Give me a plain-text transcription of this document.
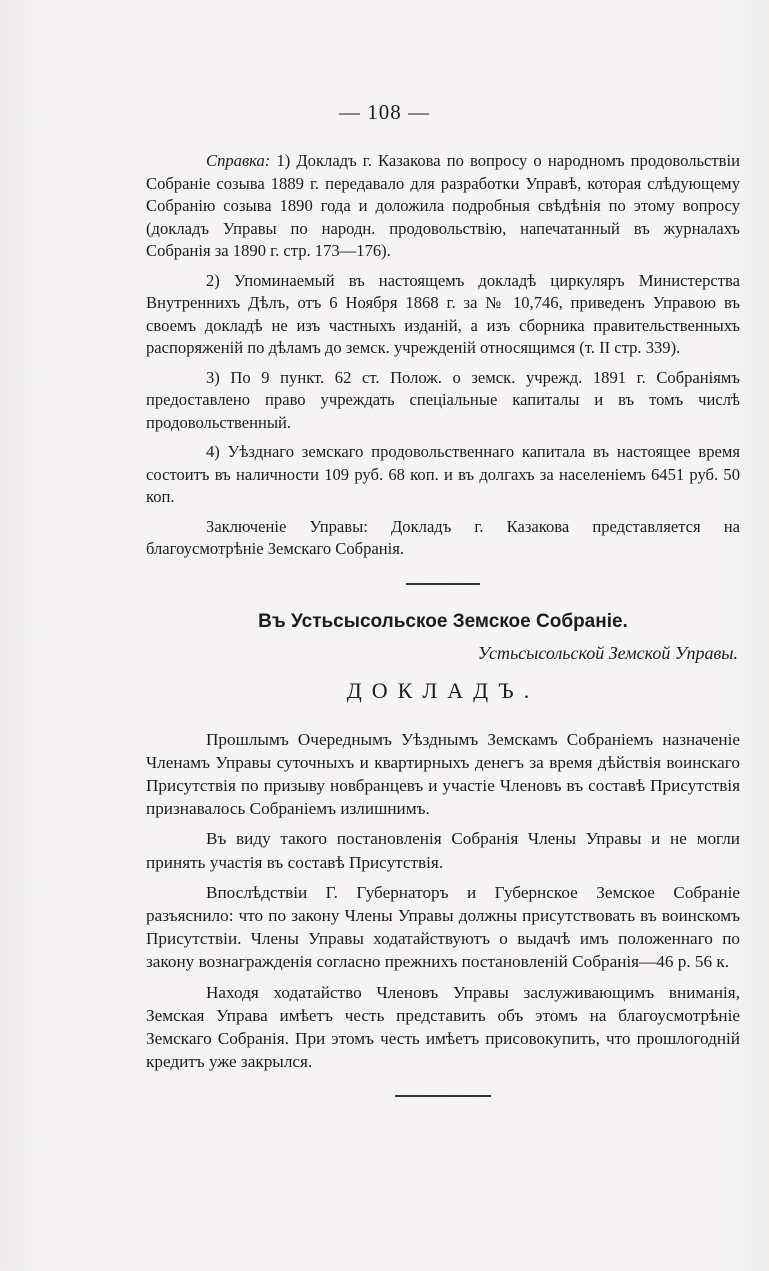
— 108 —

Справка: 1) Докладъ г. Казакова по вопросу о народномъ продовольствіи Собраніе созыва 1889 г. передавало для разработки Управѣ, которая слѣдующему Собранію созыва 1890 года и доложила подробныя свѣдѣнія по этому вопросу (докладъ Управы по народн. продовольствію, напечатанный въ журналахъ Собранія за 1890 г. стр. 173—176).

2) Упоминаемый въ настоящемъ докладѣ циркуляръ Министерства Внутреннихъ Дѣлъ, отъ 6 Ноября 1868 г. за № 10,746, приведенъ Управою въ своемъ докладѣ не изъ частныхъ изданій, а изъ сборника правительственныхъ распоряженій по дѣламъ до земск. учрежденій относящимся (т. II стр. 339).

3) По 9 пункт. 62 ст. Полож. о земск. учрежд. 1891 г. Собраніямъ предоставлено право учреждать спеціальные капиталы и въ томъ числѣ продовольственный.

4) Уѣзднаго земскаго продовольственнаго капитала въ настоящее время состоитъ въ наличности 109 руб. 68 коп. и въ долгахъ за населеніемъ 6451 руб. 50 коп.

Заключеніе Управы: Докладъ г. Казакова представляется на благоусмотрѣніе Земскаго Собранія.

Въ Устьсысольское Земское Собраніе.
Устьсысольской Земской Управы.
ДОКЛАДЪ.

Прошлымъ Очереднымъ Уѣзднымъ Земскамъ Собраніемъ назначеніе Членамъ Управы суточныхъ и квартирныхъ денегъ за время дѣйствія воинскаго Присутствія по призыву новбранцевъ и участіе Членовъ въ составѣ Присутствія признавалось Собраніемъ излишнимъ.

Въ виду такого постановленія Собранія Члены Управы и не могли принять участія въ составѣ Присутствія.

Впослѣдствіи Г. Губернаторъ и Губернское Земское Собраніе разъяснило: что по закону Члены Управы должны присутствовать въ воинскомъ Присутствіи. Члены Управы ходатайствуютъ о выдачѣ имъ положеннаго по закону вознагражденія согласно прежнихъ постановленій Собранія—46 р. 56 к.

Находя ходатайство Членовъ Управы заслуживающимъ вниманія, Земская Управа имѣетъ честь представить объ этомъ на благоусмотрѣніе Земскаго Собранія. При этомъ честь имѣетъ присовокупить, что прошлогодній кредитъ уже закрылся.
